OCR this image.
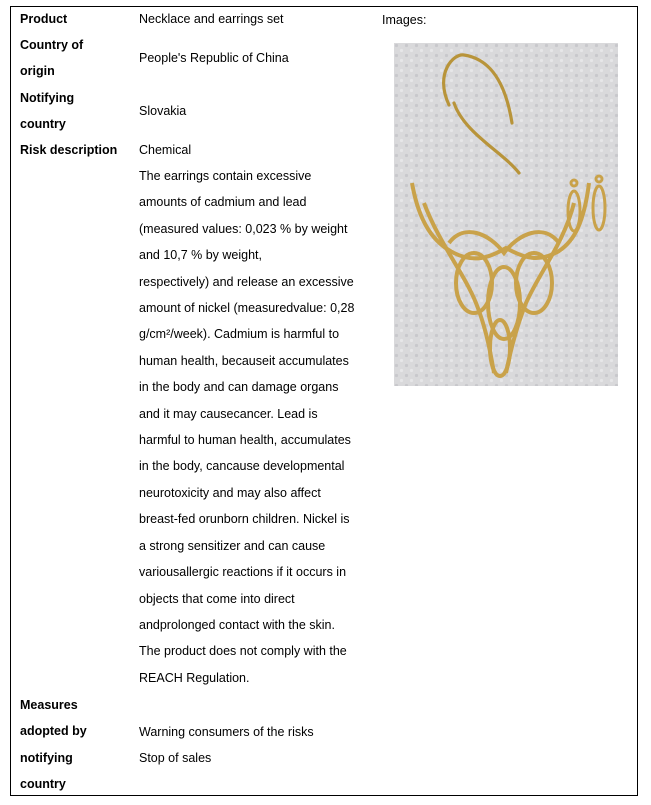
Product	Necklace and earrings set
Country of
origin
People's Republic of China
Notifying
country
Slovakia
Risk description	Chemical
The earrings contain excessive
amounts of cadmium and lead
(measured values: 0,023 % by weight
and 10,7 % by weight,
respectively) and release an excessive
amount of nickel (measuredvalue: 0,28
g/cm²/week). Cadmium is harmful to
human health, becauseit accumulates
in the body and can damage organs
and it may causecancer. Lead is
harmful to human health, accumulates
in the body, cancause developmental
neurotoxicity and may also affect
breast-fed orunborn children. Nickel is
a strong sensitizer and can cause
variousallergic reactions if it occurs in
objects that come into direct
andprolonged contact with the skin.
The product does not comply with the
REACH Regulation.
Measures
adopted by
notifying
country
Warning consumers of the risks
Stop of sales
Images:
